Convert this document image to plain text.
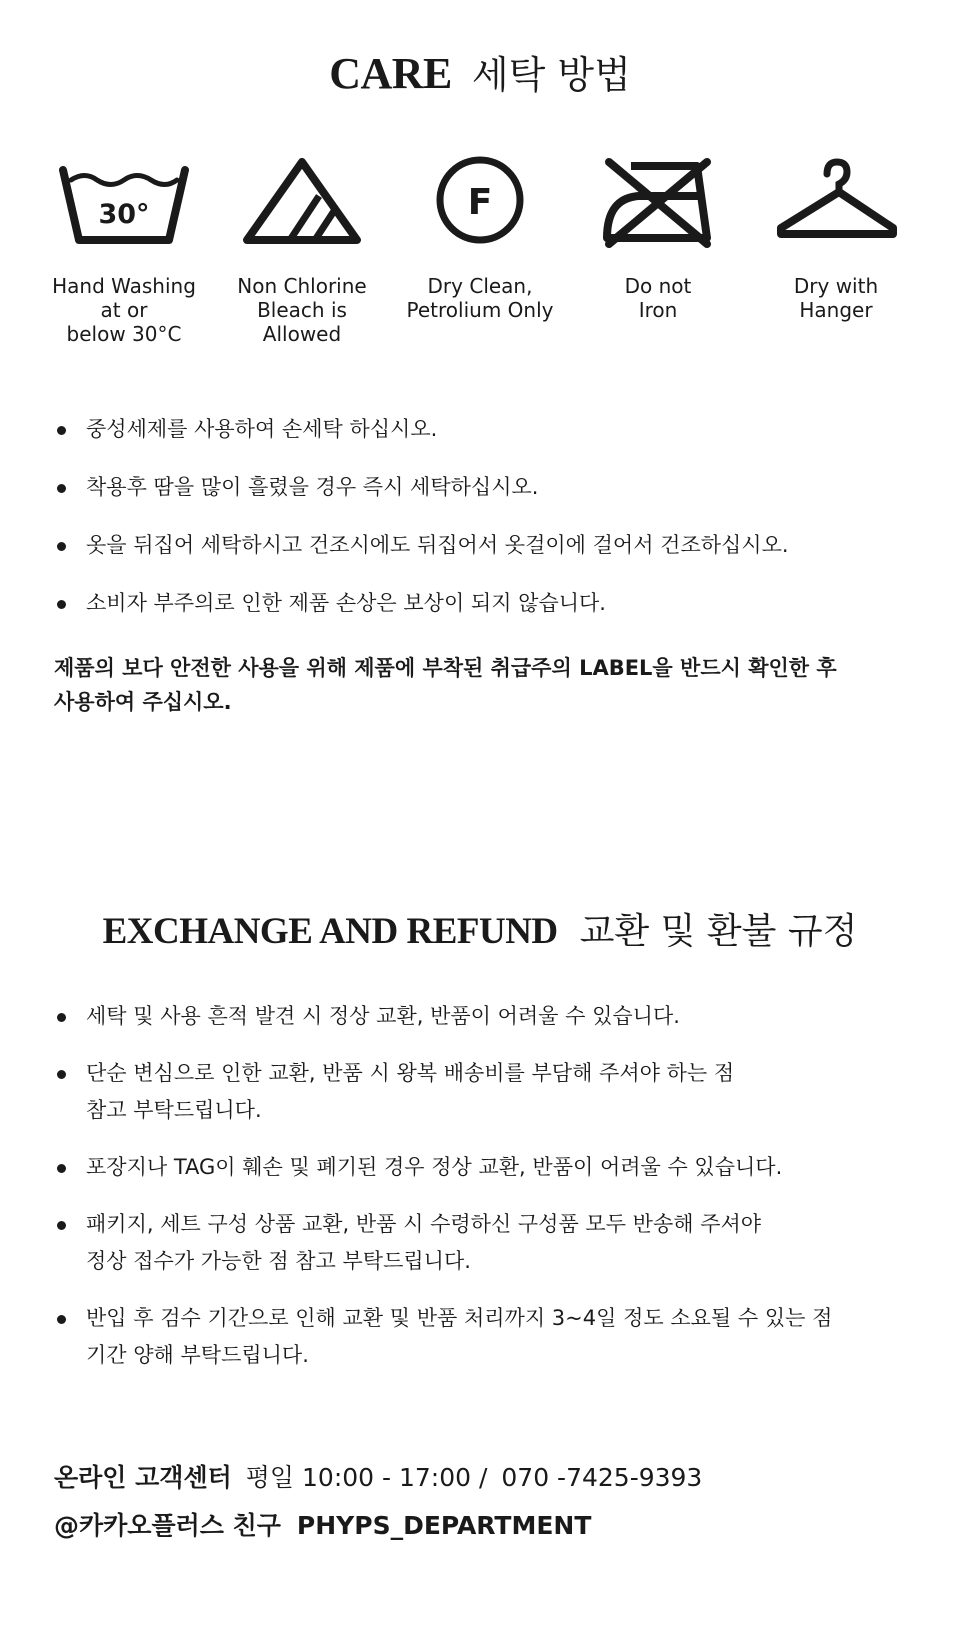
CARE 세탁 방법
30°
Hand Washing
at or
below 30°C
Non Chlorine
Bleach is
Allowed
F
Dry Clean,
Petrolium Only
Do not
Iron
Dry with
Hanger
중성세제를 사용하여 손세탁 하십시오.
착용후 땀을 많이 흘렸을 경우 즉시 세탁하십시오.
옷을 뒤집어 세탁하시고 건조시에도 뒤집어서 옷걸이에 걸어서 건조하십시오.
소비자 부주의로 인한 제품 손상은 보상이 되지 않습니다.
제품의 보다 안전한 사용을 위해 제품에 부착된 취급주의 LABEL을 반드시 확인한 후
사용하여 주십시오.
EXCHANGE AND REFUND 교환 및 환불 규정
세탁 및 사용 흔적 발견 시 정상 교환, 반품이 어려울 수 있습니다.
단순 변심으로 인한 교환, 반품 시 왕복 배송비를 부담해 주셔야 하는 점
참고 부탁드립니다.
포장지나 TAG이 훼손 및 폐기된 경우 정상 교환, 반품이 어려울 수 있습니다.
패키지, 세트 구성 상품 교환, 반품 시 수령하신 구성품 모두 반송해 주셔야
정상 접수가 가능한 점 참고 부탁드립니다.
반입 후 검수 기간으로 인해 교환 및 반품 처리까지 3~4일 정도 소요될 수 있는 점
기간 양해 부탁드립니다.
온라인 고객센터 평일 10:00 - 17:00 / 070 -7425-9393
@카카오플러스 친구 PHYPS_DEPARTMENT
